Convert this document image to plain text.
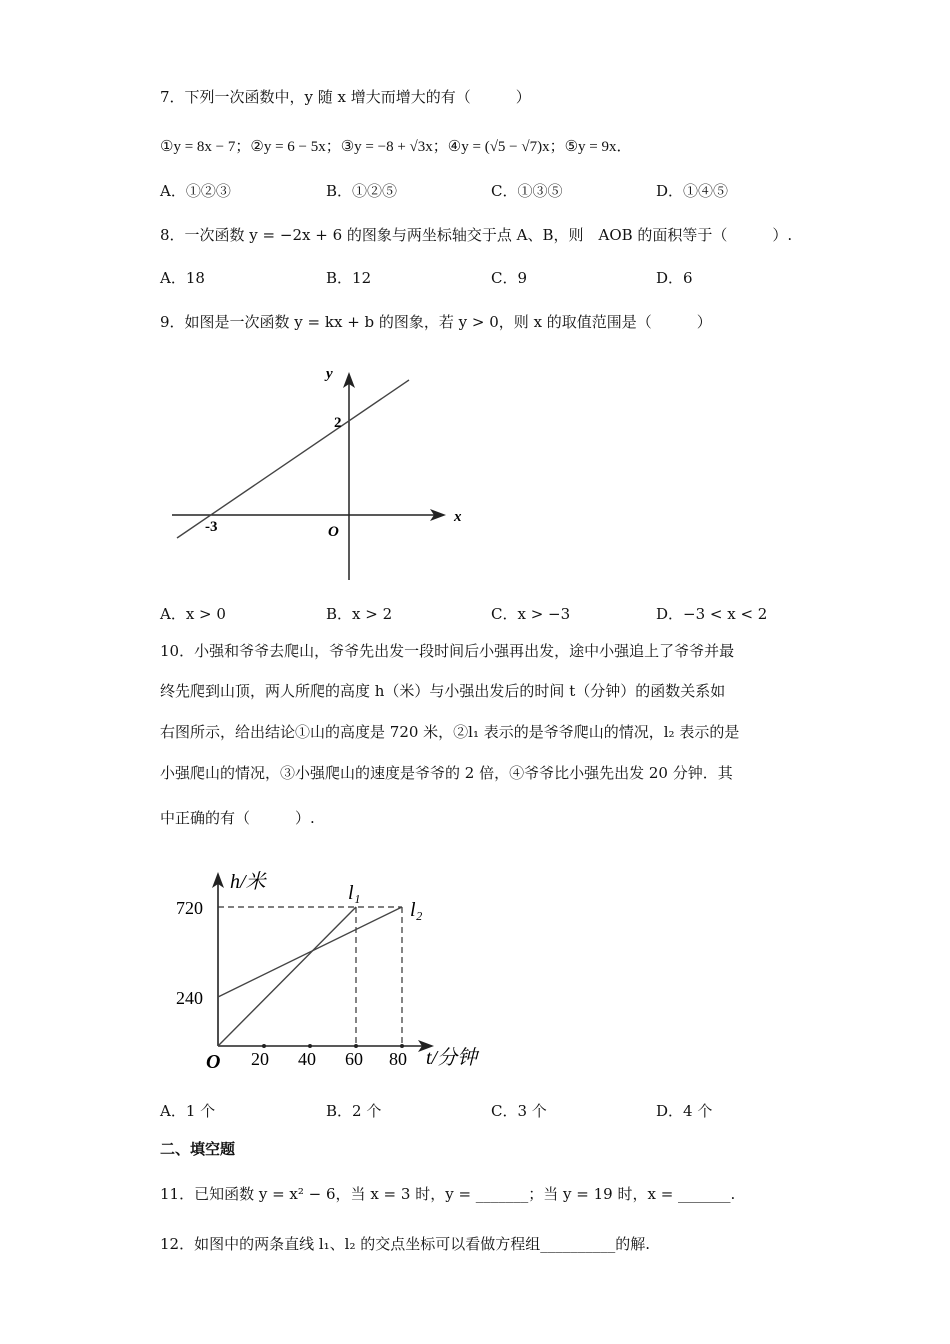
7．下列一次函数中，y 随 x 增大而增大的有（　　　）
①y = 8x − 7；②y = 6 − 5x；③y = −8 + √3x；④y = (√5 − √7)x；⑤y = 9x．
A．①②③	B．①②⑤	C．①③⑤	D．①④⑤
8．一次函数 y = −2x + 6 的图象与两坐标轴交于点 A、B，则　AOB 的面积等于（　　　）.
A．18	B．12	C．9	D．6
9．如图是一次函数 y = kx + b 的图象，若 y > 0，则 x 的取值范围是（　　　）
y
x
O
2
-3
A．x > 0	B．x > 2	C．x > −3	D．−3 < x < 2
10．小强和爷爷去爬山，爷爷先出发一段时间后小强再出发，途中小强追上了爷爷并最
终先爬到山顶，两人所爬的高度 h（米）与小强出发后的时间 t（分钟）的函数关系如
右图所示，给出结论①山的高度是 720 米，②l₁ 表示的是爷爷爬山的情况，l₂ 表示的是
小强爬山的情况，③小强爬山的速度是爷爷的 2 倍，④爷爷比小强先出发 20 分钟．其
中正确的有（　　　）.
h/米
t/分钟
O
720
240
20 40 60 80
l₁
l₂
A．1 个	B．2 个	C．3 个	D．4 个
二、填空题
11．已知函数 y = x² − 6，当 x = 3 时，y = _______；当 y = 19 时，x = _______.
12．如图中的两条直线 l₁、l₂ 的交点坐标可以看做方程组__________的解.
